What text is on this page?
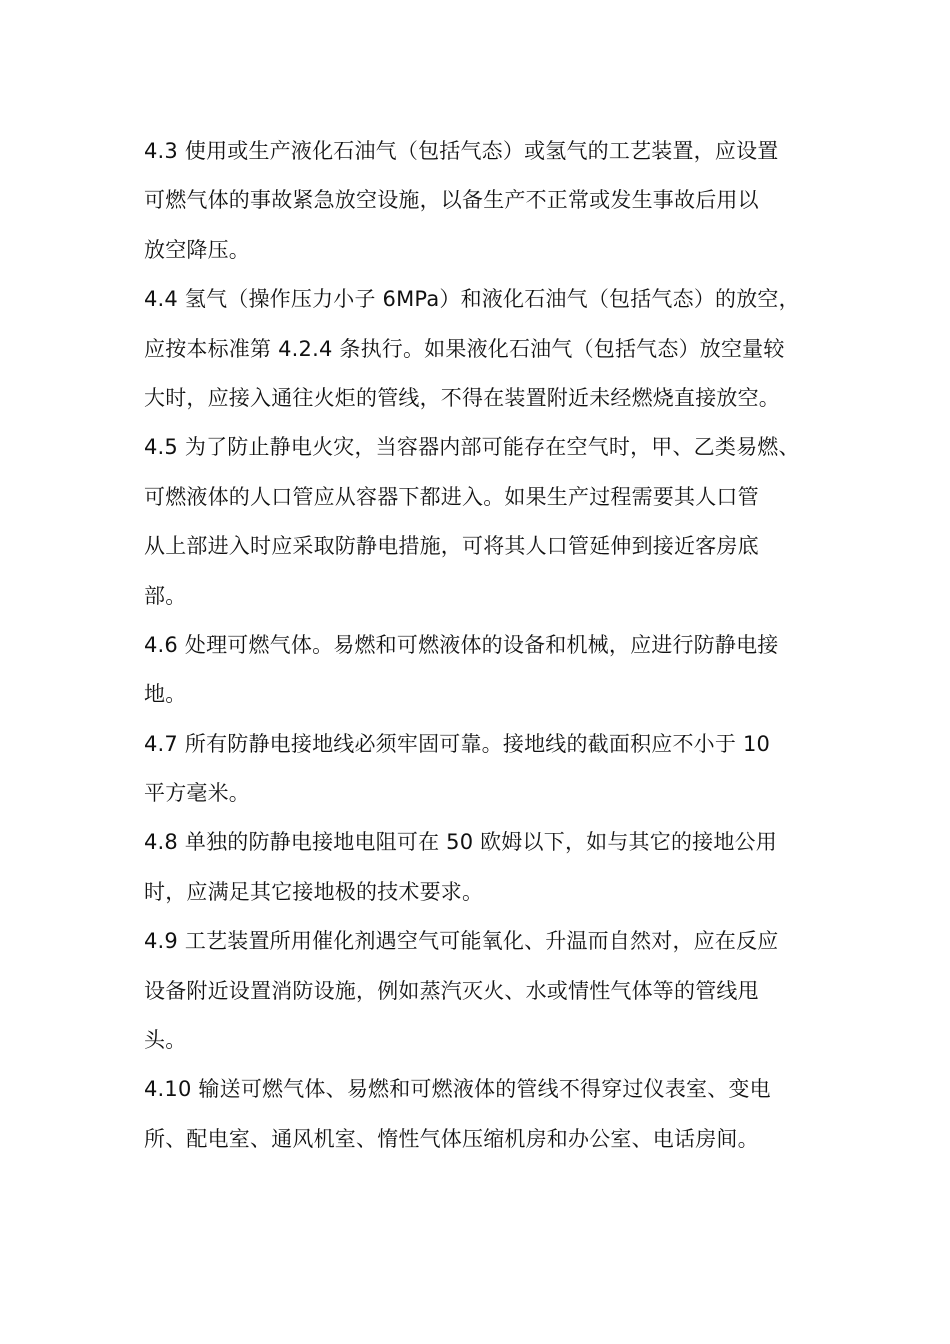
4.3 使用或生产液化石油气（包括气态）或氢气的工艺装置，应设置
可燃气体的事故紧急放空设施，以备生产不正常或发生事故后用以
放空降压。
4.4 氢气（操作压力小子 6MPa）和液化石油气（包括气态）的放空，
应按本标准第 4.2.4 条执行。如果液化石油气（包括气态）放空量较
大时，应接入通往火炬的管线，不得在装置附近未经燃烧直接放空。
4.5 为了防止静电火灾，当容器内部可能存在空气时，甲、乙类易燃、
可燃液体的人口管应从容器下都进入。如果生产过程需要其人口管
从上部进入时应采取防静电措施，可将其人口管延伸到接近客房底
部。
4.6 处理可燃气体。易燃和可燃液体的设备和机械，应进行防静电接
地。
4.7 所有防静电接地线必须牢固可靠。接地线的截面积应不小于 10
平方毫米。
4.8 单独的防静电接地电阻可在 50 欧姆以下，如与其它的接地公用
时，应满足其它接地极的技术要求。
4.9 工艺装置所用催化剂遇空气可能氧化、升温而自然对，应在反应
设备附近设置消防设施，例如蒸汽灭火、水或情性气体等的管线甩
头。
4.10 输送可燃气体、易燃和可燃液体的管线不得穿过仪表室、变电
所、配电室、通风机室、惰性气体压缩机房和办公室、电话房间。
